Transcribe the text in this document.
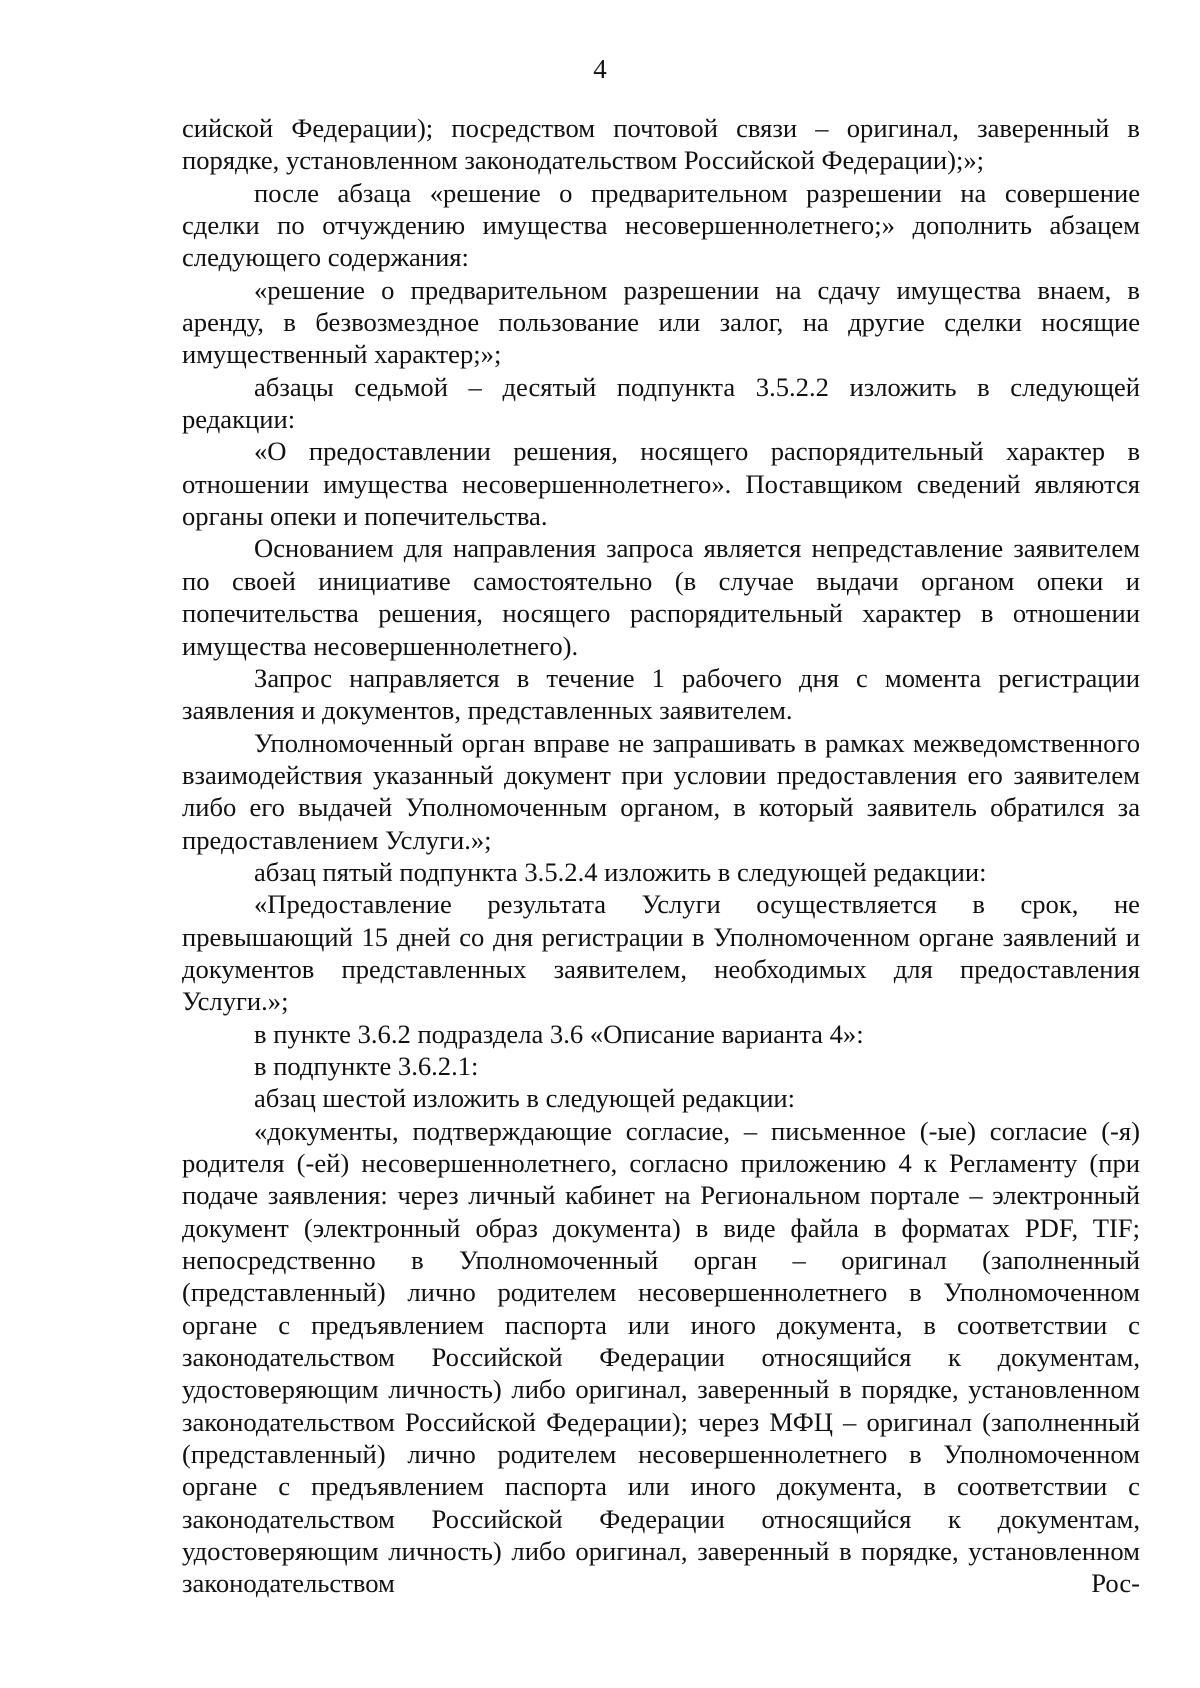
4

сийской Федерации); посредством почтовой связи – оригинал, заверенный в порядке, установленном законодательством Российской Федерации);»;

после абзаца «решение о предварительном разрешении на совершение сделки по отчуждению имущества несовершеннолетнего;» дополнить абзацем следующего содержания:

«решение о предварительном разрешении на сдачу имущества внаем, в аренду, в безвозмездное пользование или залог, на другие сделки носящие имущественный характер;»;

абзацы седьмой – десятый подпункта 3.5.2.2 изложить в следующей редакции:

«О предоставлении решения, носящего распорядительный характер в отношении имущества несовершеннолетнего». Поставщиком сведений являются органы опеки и попечительства.

Основанием для направления запроса является непредставление заявителем по своей инициативе самостоятельно (в случае выдачи органом опеки и попечительства решения, носящего распорядительный характер в отношении имущества несовершеннолетнего).

Запрос направляется в течение 1 рабочего дня с момента регистрации заявления и документов, представленных заявителем.

Уполномоченный орган вправе не запрашивать в рамках межведомственного взаимодействия указанный документ при условии предоставления его заявителем либо его выдачей Уполномоченным органом, в который заявитель обратился за предоставлением Услуги.»;

абзац пятый подпункта 3.5.2.4 изложить в следующей редакции:

«Предоставление результата Услуги осуществляется в срок, не превышающий 15 дней со дня регистрации в Уполномоченном органе заявлений и документов представленных заявителем, необходимых для предоставления Услуги.»;

в пункте 3.6.2 подраздела 3.6 «Описание варианта 4»:

в подпункте 3.6.2.1:

абзац шестой изложить в следующей редакции:

«документы, подтверждающие согласие, – письменное (-ые) согласие (-я) родителя (-ей) несовершеннолетнего, согласно приложению 4 к Регламенту (при подаче заявления: через личный кабинет на Региональном портале – электронный документ (электронный образ документа) в виде файла в форматах PDF, TIF; непосредственно в Уполномоченный орган – оригинал (заполненный (представленный) лично родителем несовершеннолетнего в Уполномоченном органе с предъявлением паспорта или иного документа, в соответствии с законодательством Российской Федерации относящийся к документам, удостоверяющим личность) либо оригинал, заверенный в порядке, установленном законодательством Российской Федерации); через МФЦ – оригинал (заполненный (представленный) лично родителем несовершеннолетнего в Уполномоченном органе с предъявлением паспорта или иного документа, в соответствии с законодательством Российской Федерации относящийся к документам, удостоверяющим личность) либо оригинал, заверенный в порядке, установленном законодательством Рос-
